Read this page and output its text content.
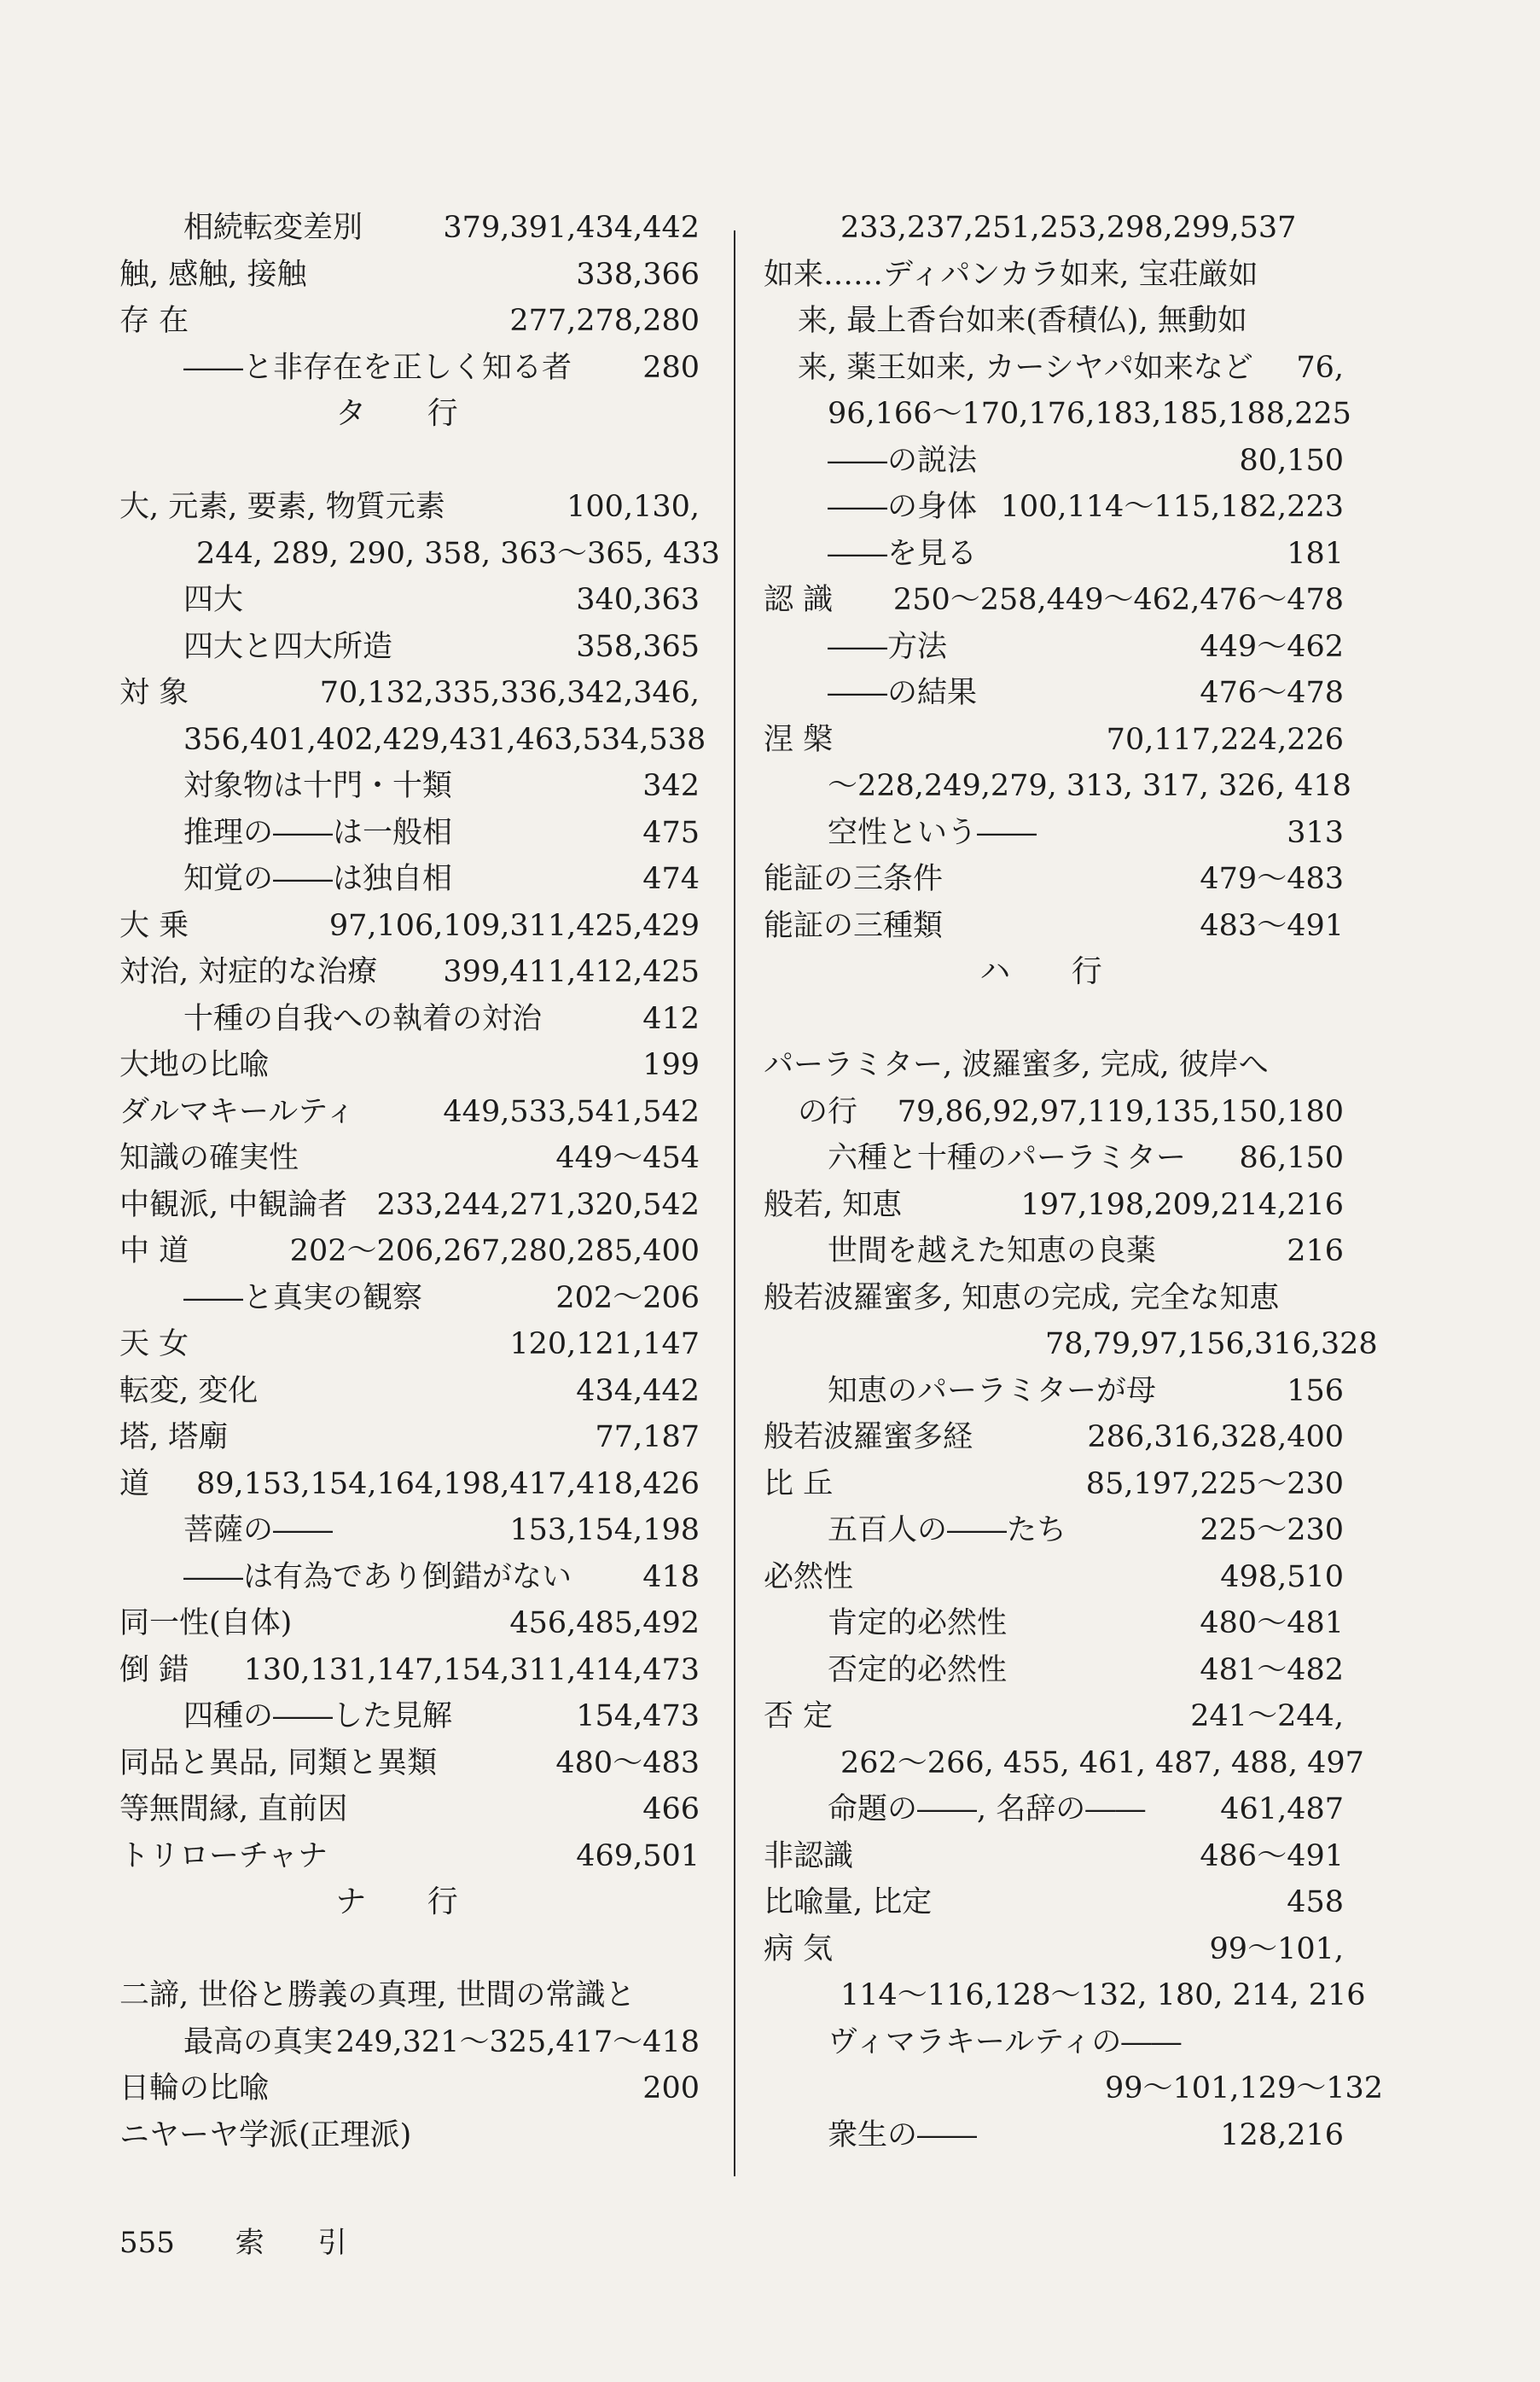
相続転変差別	379,391,434,442
触, 感触, 接触	338,366
存 在	277,278,280
――と非存在を正しく知る者 280
タ 行
大, 元素, 要素, 物質元素	100,130,
244, 289, 290, 358, 363～365, 433
四大	340,363
四大と四大所造	358,365
対 象	70,132,335,336,342,346,
356,401,402,429,431,463,534,538
対象物は十門・十類	342
推理の――は一般相	475
知覚の――は独自相	474
大 乗	97,106,109,311,425,429
対治, 対症的な治療 399,411,412,425
十種の自我への執着の対治	412
大地の比喩	199
ダルマキールティ	449,533,541,542
知識の確実性	449～454
中観派, 中観論者 233,244,271,320,542
中 道	202～206,267,280,285,400
――と真実の観察	202～206
天 女	120,121,147
転変, 変化	434,442
塔, 塔廟	77,187
道 89,153,154,164,198,417,418,426
菩薩の――	153,154,198
――は有為であり倒錯がない 418
同一性(自体)	456,485,492
倒 錯 130,131,147,154,311,414,473
四種の――した見解	154,473
同品と異品, 同類と異類	480～483
等無間縁, 直前因	466
トリローチャナ	469,501
ナ 行
二諦, 世俗と勝義の真理, 世間の常識と
最高の真実 249,321～325,417～418
日輪の比喩	200
ニヤーヤ学派(正理派)
233,237,251,253,298,299,537
如来……ディパンカラ如来, 宝荘厳如
来, 最上香台如来(香積仏), 無動如
来, 薬王如来, カーシヤパ如来など 76,
96,166～170,176,183,185,188,225
――の説法	80,150
――の身体 100,114～115,182,223
――を見る	181
認 識 250～258,449～462,476～478
――方法	449～462
――の結果	476～478
涅 槃	70,117,224,226
～228,249,279, 313, 317, 326, 418
空性という――	313
能証の三条件	479～483
能証の三種類	483～491
ハ 行
パーラミター, 波羅蜜多, 完成, 彼岸へ
の行 79,86,92,97,119,135,150,180
六種と十種のパーラミター 86,150
般若, 知恵	197,198,209,214,216
世間を越えた知恵の良薬	216
般若波羅蜜多, 知恵の完成, 完全な知恵
78,79,97,156,316,328
知恵のパーラミターが母	156
般若波羅蜜多経	286,316,328,400
比 丘	85,197,225～230
五百人の――たち	225～230
必然性	498,510
肯定的必然性	480～481
否定的必然性	481～482
否 定	241～244,
262～266, 455, 461, 487, 488, 497
命題の――, 名辞の――	461,487
非認識	486～491
比喩量, 比定	458
病 気	99～101,
114～116,128～132, 180, 214, 216
ヴィマラキールティの――
99～101,129～132
衆生の――	128,216
555 索 引
